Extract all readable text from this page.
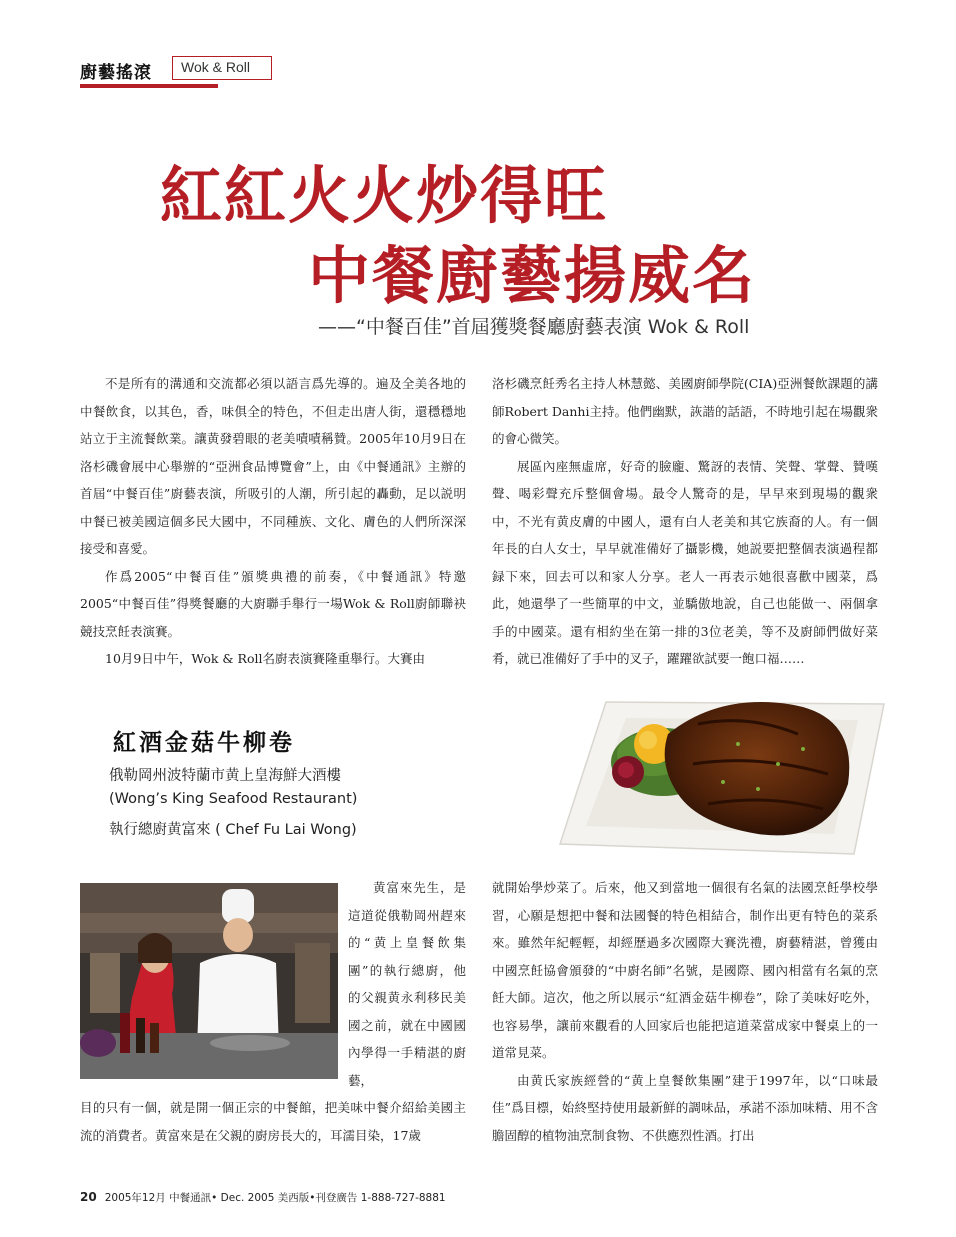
廚藝搖滾	Wok & Roll
紅紅火火炒得旺
中餐廚藝揚威名
——“中餐百佳”首屆獲獎餐廳廚藝表演 Wok & Roll

不是所有的溝通和交流都必須以語言爲先導的。遍及全美各地的中餐飲食，以其色，香，味俱全的特色，不但走出唐人街，還穩穩地站立于主流餐飲業。讓黄發碧眼的老美嘖嘖稱贊。2005年10月9日在洛杉磯會展中心舉辦的“亞洲食品博覽會”上，由《中餐通訊》主辦的首屆“中餐百佳”廚藝表演，所吸引的人潮，所引起的轟動，足以説明中餐已被美國這個多民大國中，不同種族、文化、膚色的人們所深深接受和喜愛。

作爲2005“中餐百佳”頒獎典禮的前奏，《中餐通訊》特邀2005“中餐百佳”得獎餐廳的大廚聯手舉行一場Wok & Roll廚師聯袂競技烹飪表演賽。

10月9日中午，Wok & Roll名廚表演賽隆重舉行。大賽由

洛杉磯烹飪秀名主持人林慧懿、美國廚師學院(CIA)亞洲餐飲課題的講師Robert Danhi主持。他們幽默，詼諧的話語，不時地引起在場觀衆的會心微笑。

展區內座無虛席，好奇的臉龐、驚訝的表情、笑聲、掌聲、贊嘆聲、喝彩聲充斥整個會場。最令人驚奇的是，早早來到現場的觀衆中，不光有黄皮膚的中國人，還有白人老美和其它族裔的人。有一個年長的白人女士，早早就准備好了攝影機，她説要把整個表演過程都録下來，回去可以和家人分享。老人一再表示她很喜歡中國菜，爲此，她還學了一些簡單的中文，並驕傲地說，自己也能做一、兩個拿手的中國菜。還有相約坐在第一排的3位老美，等不及廚師們做好菜肴，就已准備好了手中的叉子，躍躍欲試要一飽口福……

紅酒金菇牛柳卷
俄勒岡州波特蘭市黄上皇海鮮大酒樓
(Wong’s King Seafood Restaurant)
執行總廚黄富來 ( Chef Fu Lai Wong)

黄富來先生，是這道從俄勒岡州趕來的“黄上皇餐飲集團”的執行總廚，他的父親黄永利移民美國之前，就在中國國內學得一手精湛的廚藝，

目的只有一個，就是開一個正宗的中餐館，把美味中餐介紹給美國主流的消費者。黄富來是在父親的廚房長大的，耳濡目染，17歲

就開始學炒菜了。后來，他又到當地一個很有名氣的法國烹飪學校學習，心願是想把中餐和法國餐的特色相結合，制作出更有特色的菜系來。雖然年紀輕輕，却經歷過多次國際大賽洗禮，廚藝精湛，曾獲由中國烹飪協會頒發的“中廚名師”名號，是國際、國內相當有名氣的烹飪大師。這次，他之所以展示“紅酒金菇牛柳卷”，除了美味好吃外，也容易學，讓前來觀看的人回家后也能把這道菜當成家中餐桌上的一道常見菜。

由黄氏家族經營的“黄上皇餐飲集團”建于1997年，以“口味最佳”爲目標，始終堅持使用最新鮮的調味品，承諾不添加味精、用不含膽固醇的植物油烹制食物、不供應烈性酒。打出

20 2005年12月 中餐通訊• Dec. 2005 美西版•刊登廣告 1-888-727-8881
